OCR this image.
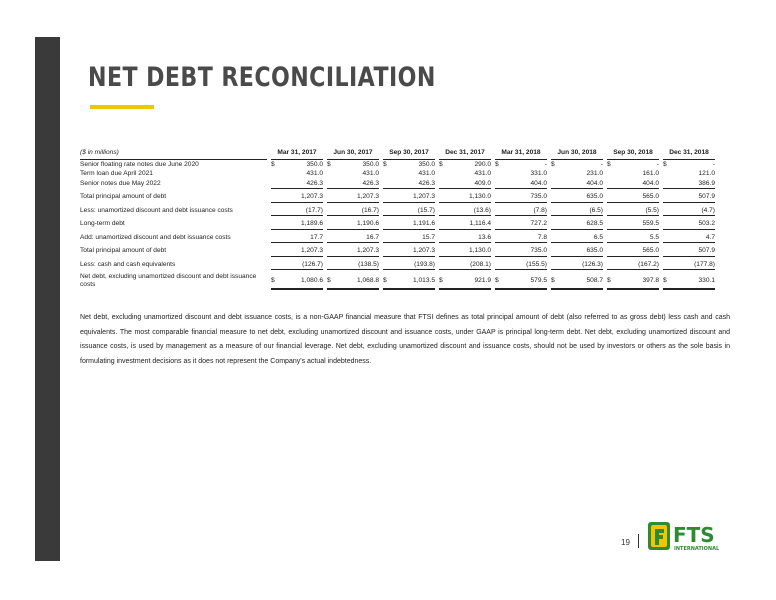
NET DEBT RECONCILIATION
($ in millions)		Mar 31, 2017			Jun 30, 2017			Sep 30, 2017			Dec 31, 2017			Mar 31, 2018			Jun 30, 2018			Sep 30, 2018			Dec 31, 2018	
Senior floating rate notes due June 2020		$	350.0		$	350.0		$	350.0		$	290.0		$	-		$	-		$	-		$	-
Term loan due April 2021			431.0			431.0			431.0			431.0			331.0			231.0			161.0			121.0
Senior notes due May 2022			426.3			426.3			426.3			409.0			404.0			404.0			404.0			386.9
Total principal amount of debt			1,207.3			1,207.3			1,207.3			1,130.0			735.0			635.0			565.0			507.9
Less: unamortized discount and debt issuance costs			(17.7)			(16.7)			(15.7)			(13.6)			(7.8)			(6.5)			(5.5)			(4.7)
Long-term debt			1,189.6			1,190.6			1,191.6			1,116.4			727.2			628.5			559.5			503.2
Add: unamortized discount and debt issuance costs			17.7			16.7			15.7			13.6			7.8			6.5			5.5			4.7
Total principal amount of debt			1,207.3			1,207.3			1,207.3			1,130.0			735.0			635.0			565.0			507.9
Less: cash and cash equivalents			(126.7)			(138.5)			(193.8)			(208.1)			(155.5)			(126.3)			(167.2)			(177.8)
Net debt, excluding unamortized discount and debt issuance costs		$	1,080.6		$	1,068.8		$	1,013.5		$	921.9		$	579.5		$	508.7		$	397.8		$	330.1
Net debt, excluding unamortized discount and debt issuance costs, is a non-GAAP financial measure that FTSI defines as total principal amount of debt (also referred to as gross debt) less cash and cash equivalents. The most comparable financial measure to net debt, excluding unamortized discount and issuance costs, under GAAP is principal long-term debt. Net debt, excluding unamortized discount and issuance costs, is used by management as a measure of our financial leverage. Net debt, excluding unamortized discount and issuance costs, should not be used by investors or others as the sole basis in formulating investment decisions as it does not represent the Company's actual indebtedness.
19 FTS
INTERNATIONAL
